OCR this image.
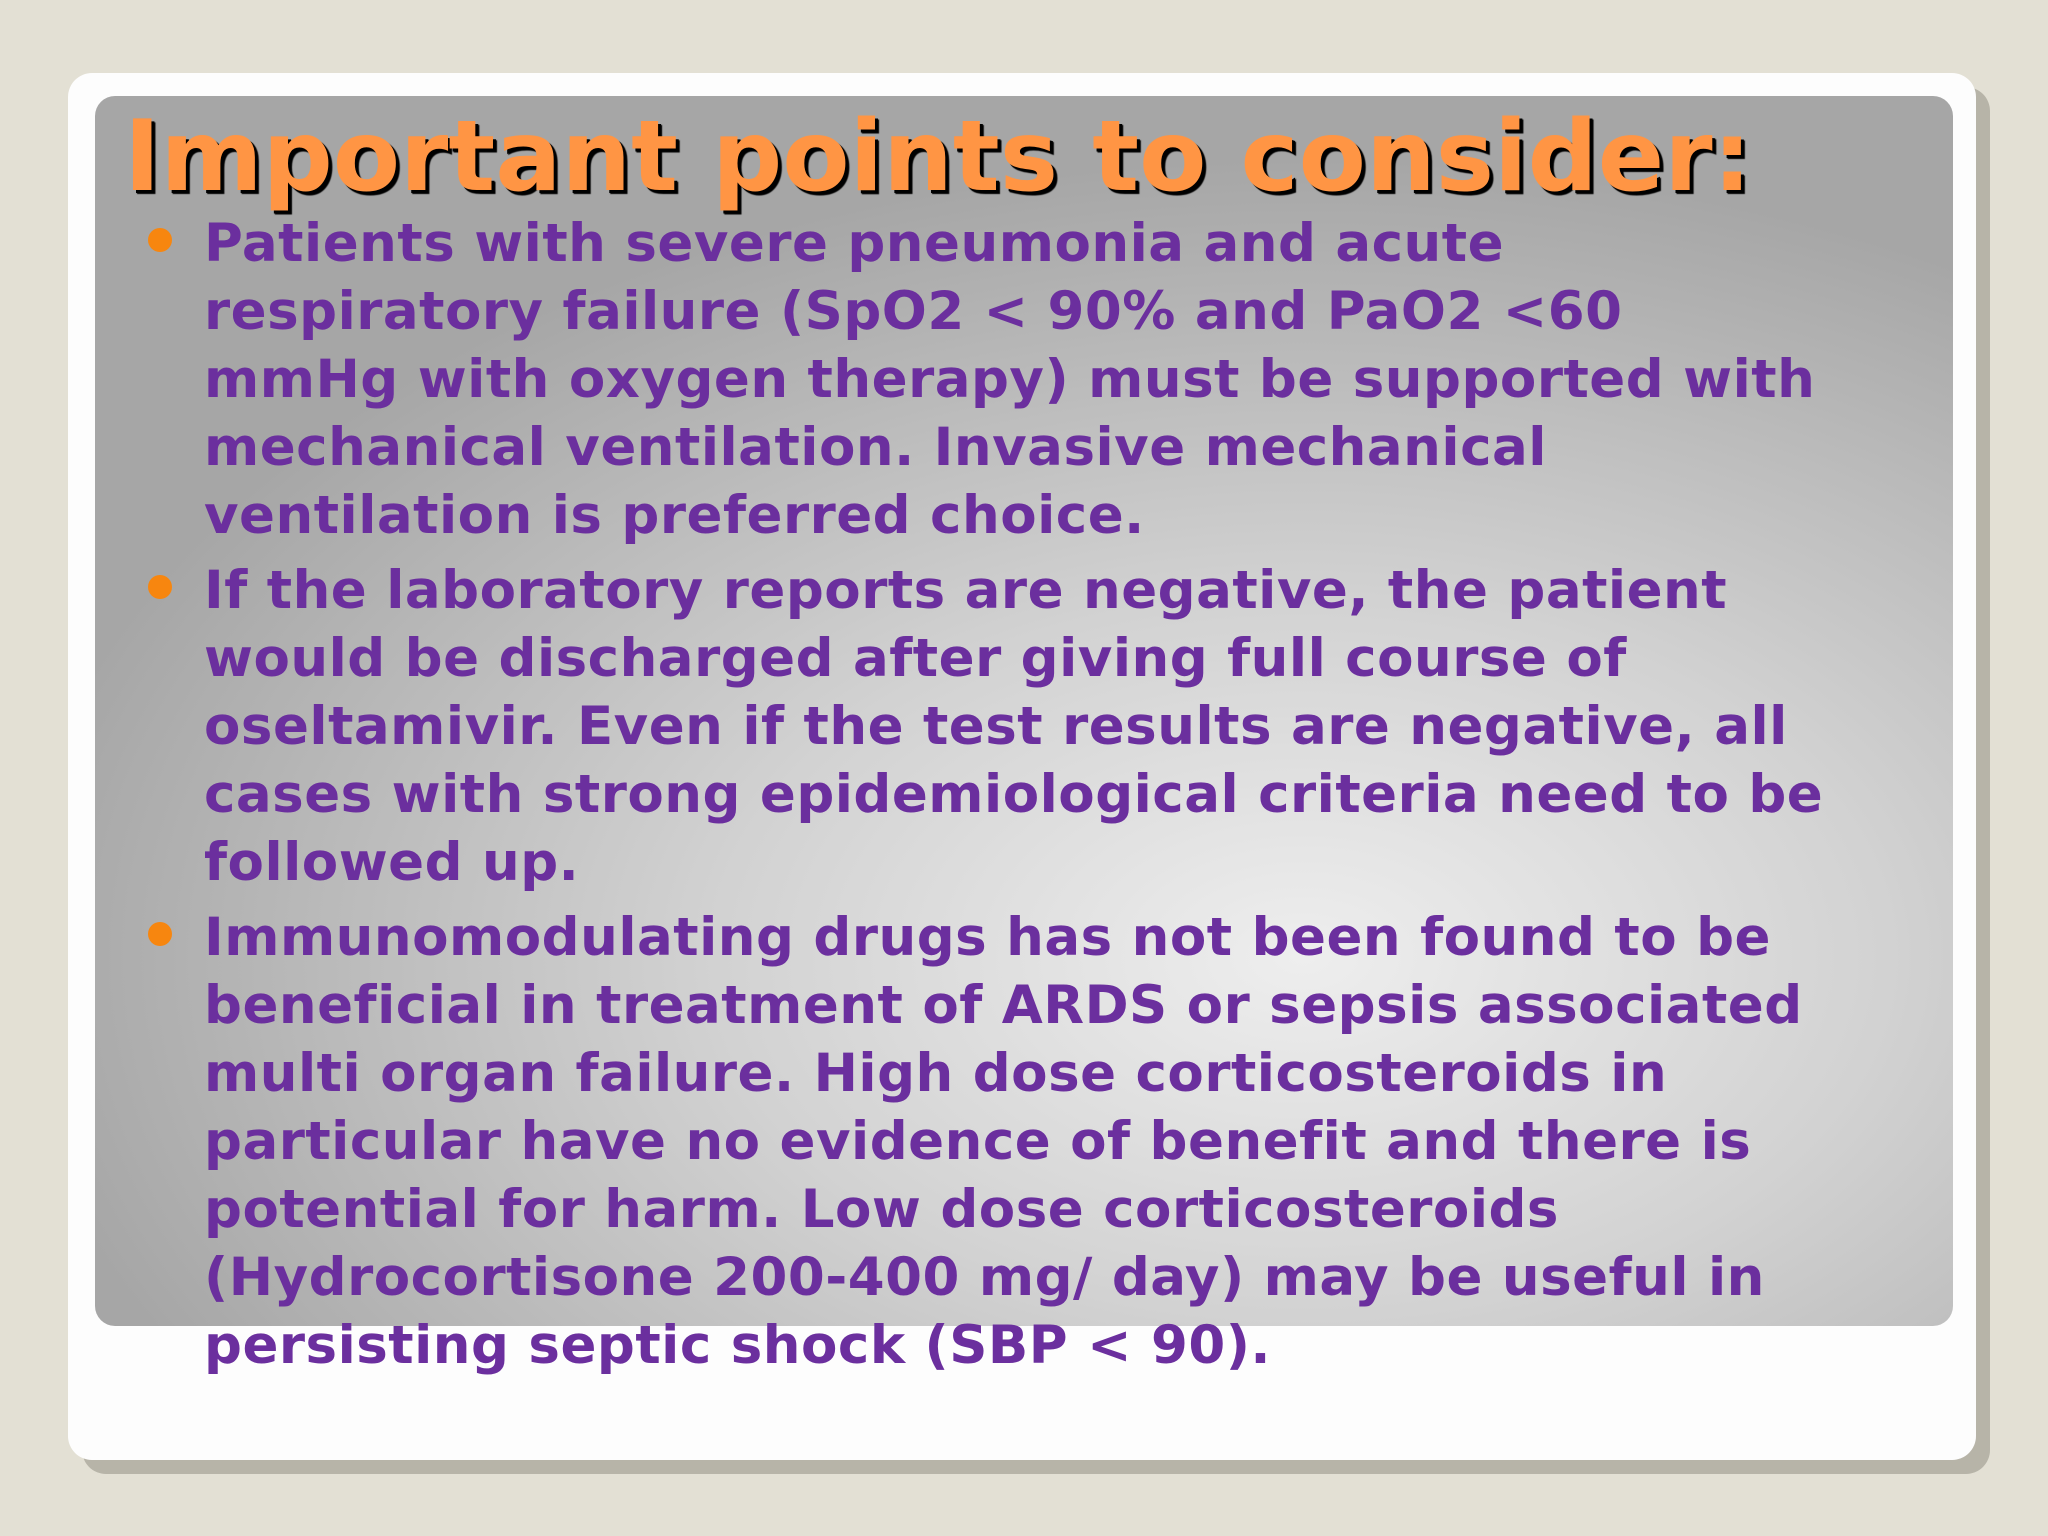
Important points to consider:
Patients with severe pneumonia and acute
respiratory failure (SpO2 < 90% and PaO2 <60
mmHg with oxygen therapy) must be supported with
mechanical ventilation. Invasive mechanical
ventilation is preferred choice.
If the laboratory reports are negative, the patient
would be discharged after giving full course of
oseltamivir. Even if the test results are negative, all
cases with strong epidemiological criteria need to be
followed up.
Immunomodulating drugs has not been found to be
beneficial in treatment of ARDS or sepsis associated
multi organ failure. High dose corticosteroids in
particular have no evidence of benefit and there is
potential for harm. Low dose corticosteroids
(Hydrocortisone 200-400 mg/ day) may be useful in
persisting septic shock (SBP < 90).
